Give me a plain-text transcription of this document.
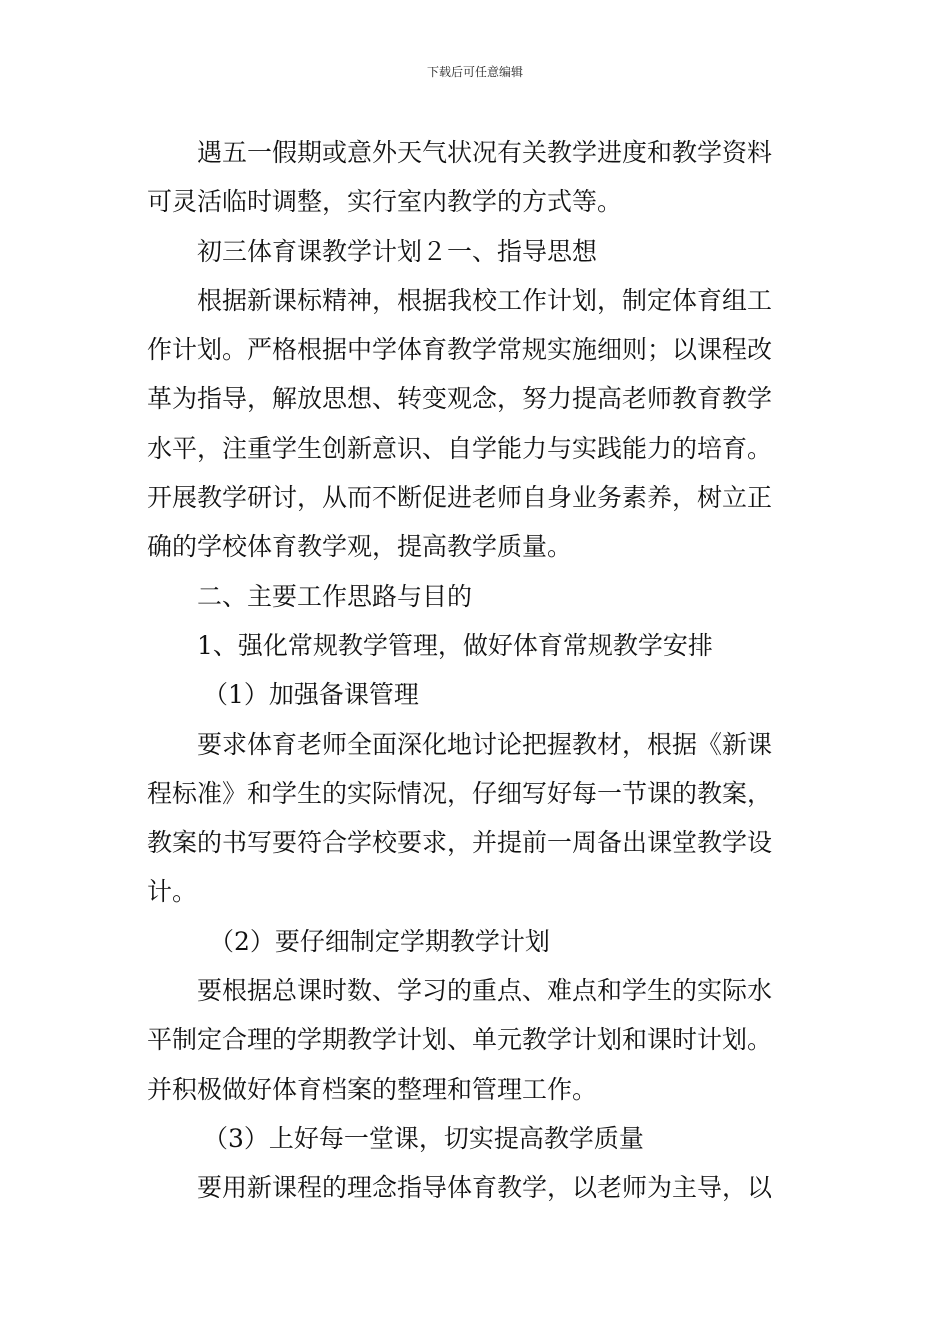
下载后可任意编辑

遇五一假期或意外天气状况有关教学进度和教学资料

可灵活临时调整，实行室内教学的方式等。

初三体育课教学计划２一、指导思想

根据新课标精神，根据我校工作计划，制定体育组工

作计划。严格根据中学体育教学常规实施细则；以课程改

革为指导，解放思想、转变观念，努力提高老师教育教学

水平，注重学生创新意识、自学能力与实践能力的培育。

开展教学研讨，从而不断促进老师自身业务素养，树立正

确的学校体育教学观，提高教学质量。

二、主要工作思路与目的

1、强化常规教学管理，做好体育常规教学安排

（1）加强备课管理

要求体育老师全面深化地讨论把握教材，根据《新课

程标准》和学生的实际情况，仔细写好每一节课的教案，

教案的书写要符合学校要求，并提前一周备出课堂教学设

计。

（2）要仔细制定学期教学计划

要根据总课时数、学习的重点、难点和学生的实际水

平制定合理的学期教学计划、单元教学计划和课时计划。

并积极做好体育档案的整理和管理工作。

（3）上好每一堂课，切实提高教学质量

要用新课程的理念指导体育教学，以老师为主导，以
